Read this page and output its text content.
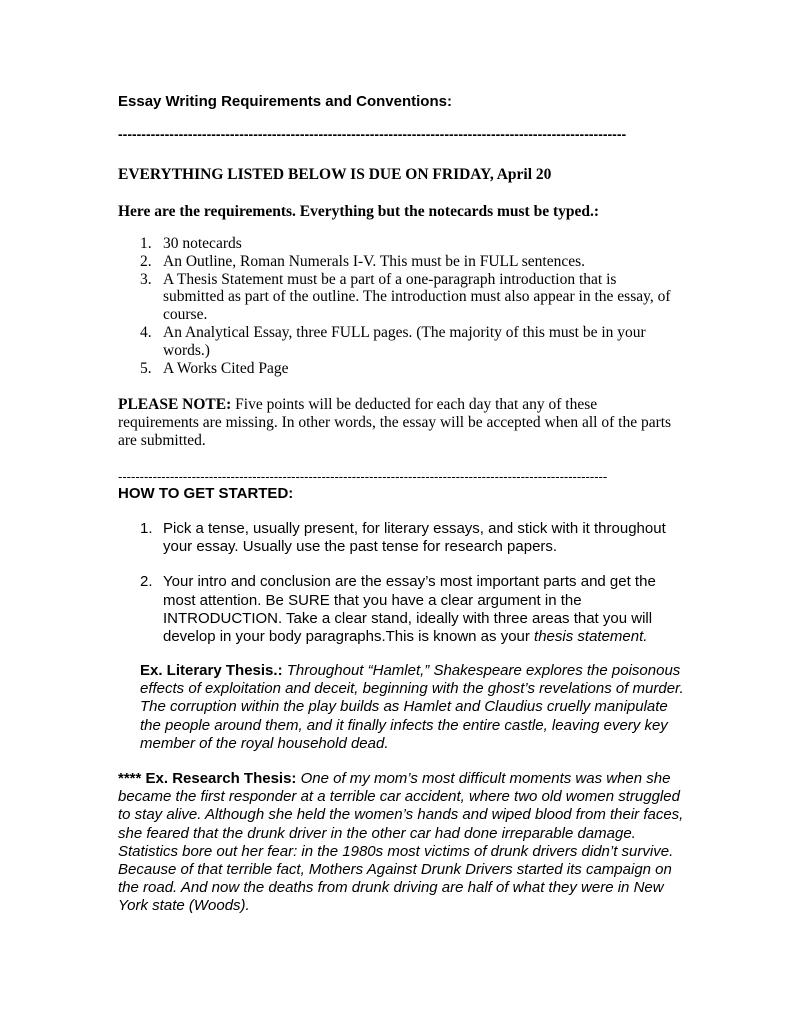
Essay Writing Requirements and Conventions:
-------------------------------------------------------------------------------------------------------------
EVERYTHING LISTED BELOW IS DUE ON FRIDAY, April 20
Here are the requirements. Everything but the notecards must be typed.:
1. 30 notecards
2. An Outline, Roman Numerals I-V. This must be in FULL sentences.
3. A Thesis Statement must be a part of a one-paragraph introduction that is submitted as part of the outline. The introduction must also appear in the essay, of course.
4. An Analytical Essay, three FULL pages. (The majority of this must be in your words.)
5. A Works Cited Page
PLEASE NOTE: Five points will be deducted for each day that any of these requirements are missing. In other words, the essay will be accepted when all of the parts are submitted.
-----------------------------------------------------------------------------------------------------------------
HOW TO GET STARTED:
1. Pick a tense, usually present, for literary essays, and stick with it throughout your essay. Usually use the past tense for research papers.
2. Your intro and conclusion are the essay’s most important parts and get the most attention. Be SURE that you have a clear argument in the INTRODUCTION. Take a clear stand, ideally with three areas that you will develop in your body paragraphs.This is known as your thesis statement.
Ex. Literary Thesis.: Throughout “Hamlet,” Shakespeare explores the poisonous effects of exploitation and deceit, beginning with the ghost’s revelations of murder. The corruption within the play builds as Hamlet and Claudius cruelly manipulate the people around them, and it finally infects the entire castle, leaving every key member of the royal household dead.
**** Ex. Research Thesis: One of my mom’s most difficult moments was when she became the first responder at a terrible car accident, where two old women struggled to stay alive. Although she held the women’s hands and wiped blood from their faces, she feared that the drunk driver in the other car had done irreparable damage. Statistics bore out her fear: in the 1980s most victims of drunk drivers didn’t survive. Because of that terrible fact, Mothers Against Drunk Drivers started its campaign on the road. And now the deaths from drunk driving are half of what they were in New York state (Woods).
